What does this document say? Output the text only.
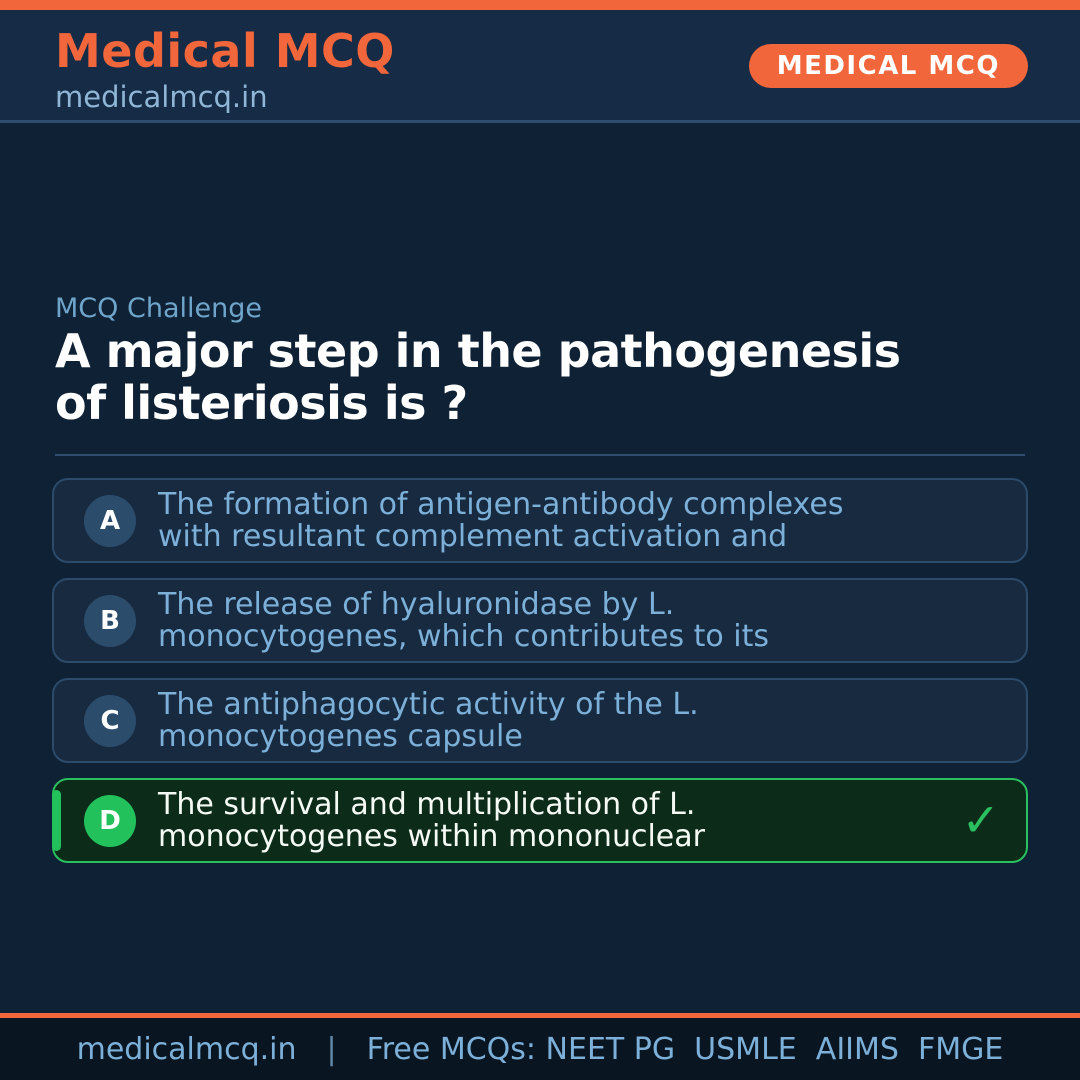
Medical MCQ
medicalmcq.in
MEDICAL MCQ
MCQ Challenge
A major step in the pathogenesis
of listeriosis is ?
A	The formation of antigen-antibody complexes
with resultant complement activation and
B	The release of hyaluronidase by L.
monocytogenes, which contributes to its
C	The antiphagocytic activity of the L.
monocytogenes capsule
D	The survival and multiplication of L.
monocytogenes within mononuclear	✓
medicalmcq.in | Free MCQs: NEET PG  USMLE  AIIMS  FMGE
